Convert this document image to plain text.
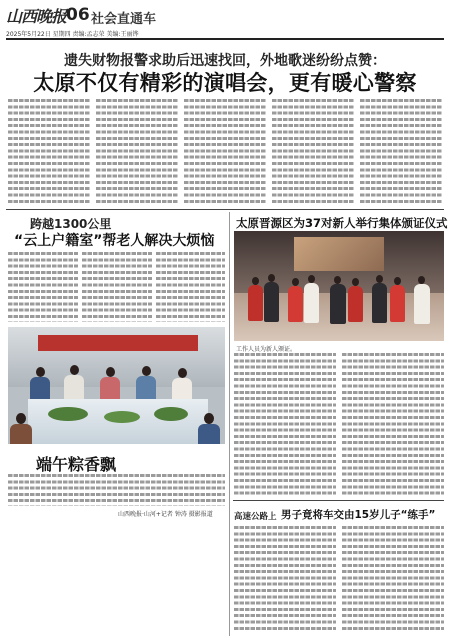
山西晚报 06 社会直通车
2025年5月22日 星期四 责编:孟志荣 美编:王丽铧
遗失财物报警求助后迅速找回，外地歌迷纷纷点赞：
太原不仅有精彩的演唱会，更有暖心警察
跨越1300公里
“云上户籍室”帮老人解决大烦恼
太原晋源区为37对新人举行集体颁证仪式
工作人员为新人颁证。
端午粽香飘
山西晚报·山河+记者 钟涛 摄影报道	高速公路上 男子竟将车交由15岁儿子“练手”
